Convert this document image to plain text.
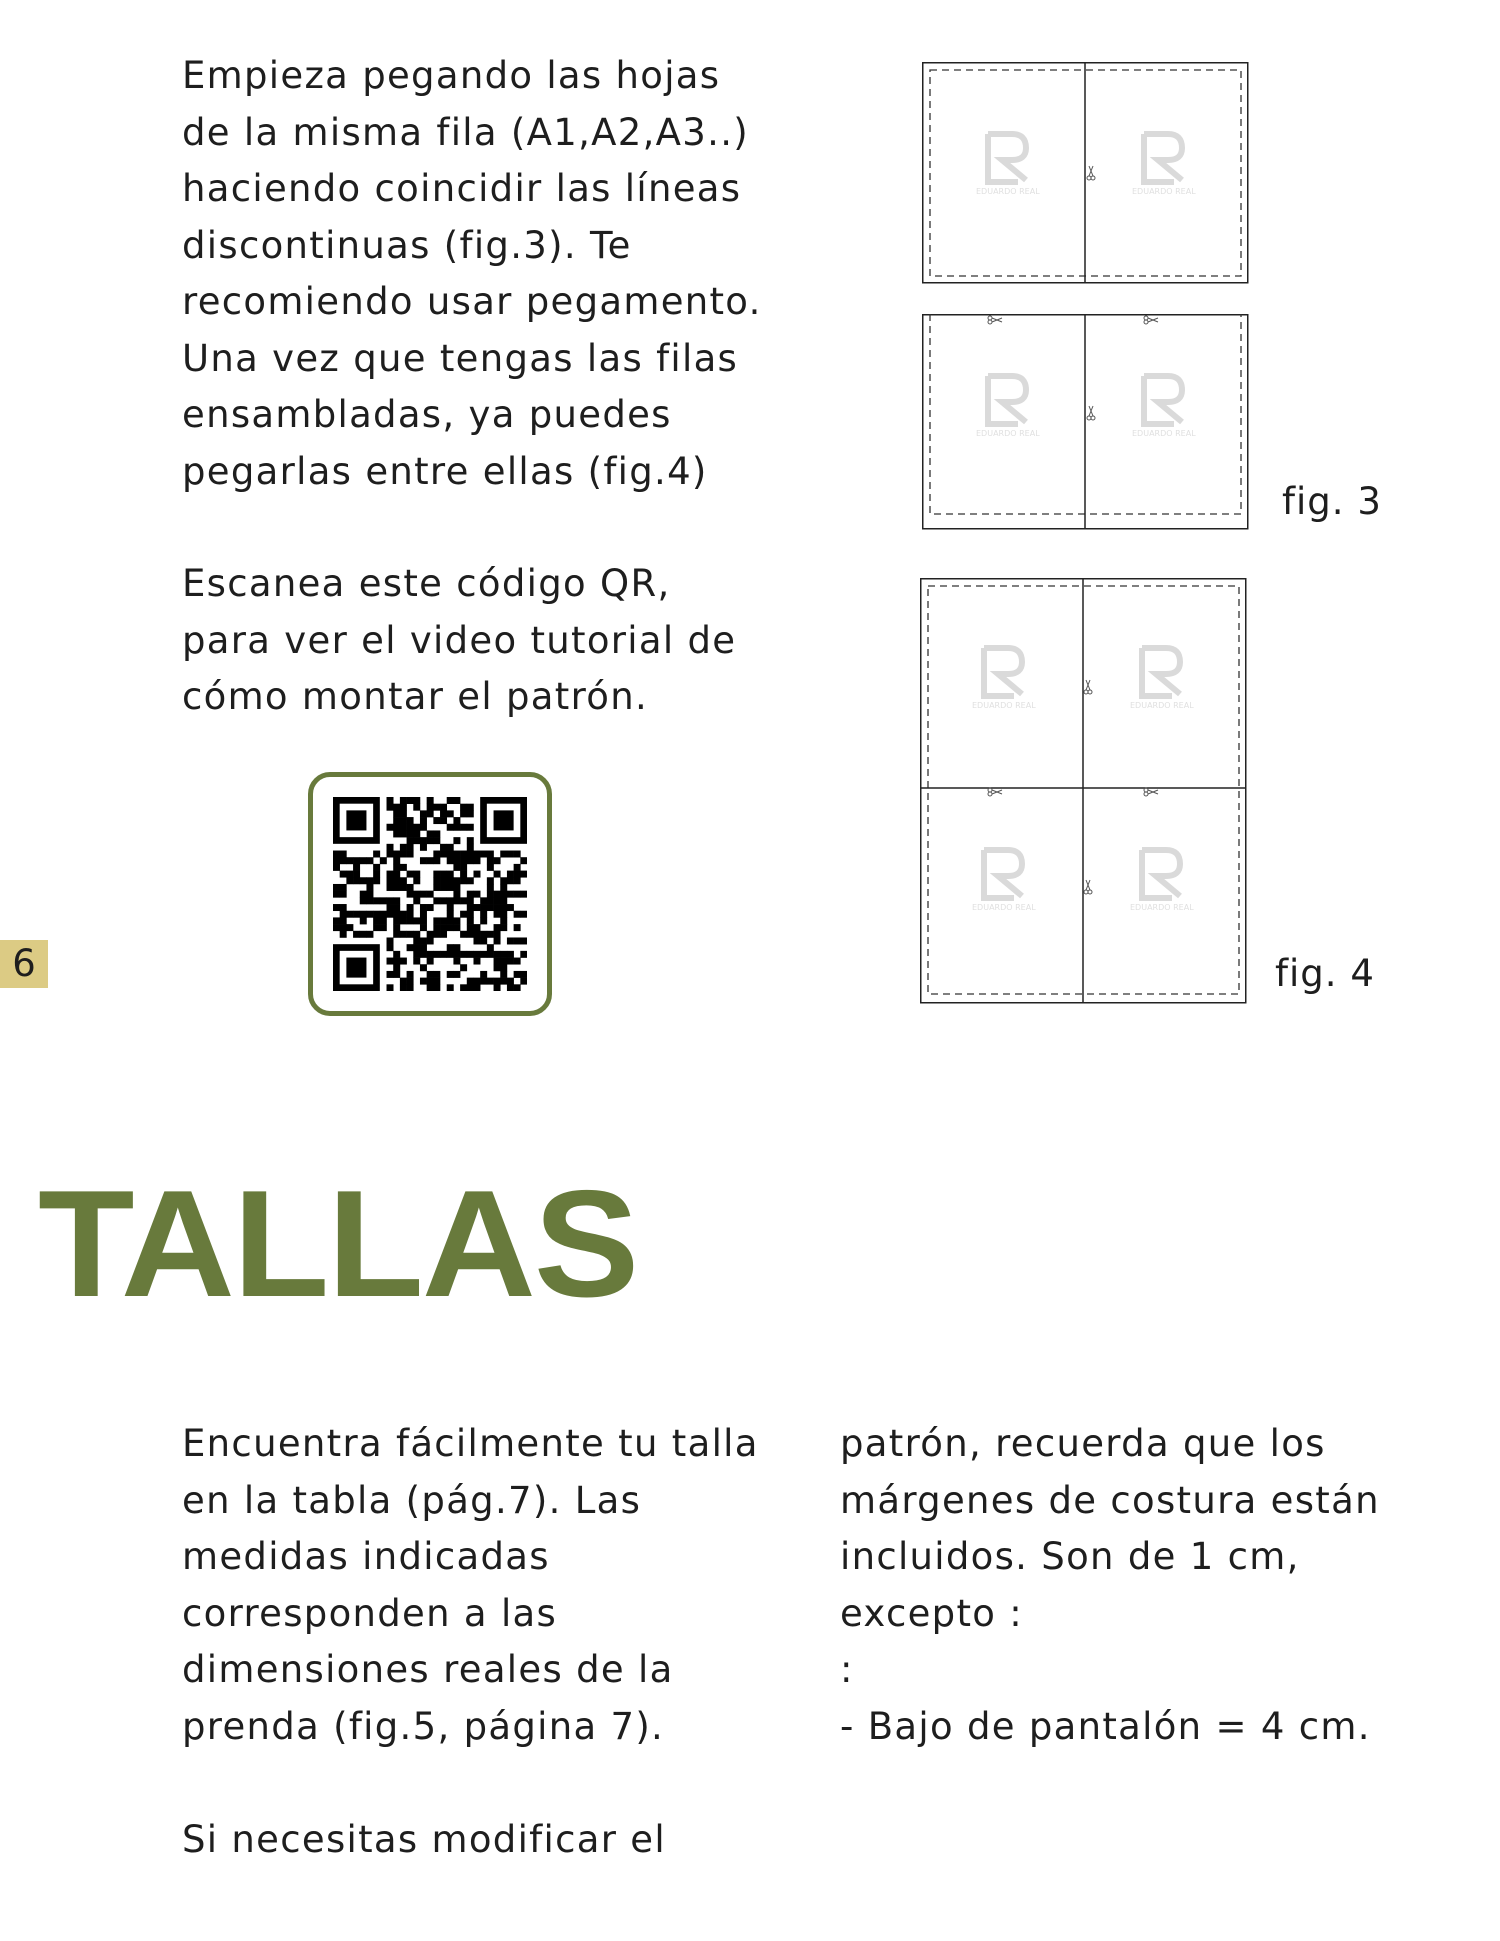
Empieza pegando las hojas
de la misma fila (A1,A2,A3..)
haciendo coincidir las líneas
discontinuas (fig.3). Te
recomiendo usar pegamento.
Una vez que tengas las filas
ensambladas, ya puedes
pegarlas entre ellas (fig.4)
Escanea este código QR,
para ver el video tutorial de
cómo montar el patrón.
6
EDUARDO REAL	EDUARDO REAL
EDUARDO REAL	EDUARDO REAL
fig. 3
EDUARDO REAL	EDUARDO REAL
EDUARDO REAL	EDUARDO REAL
fig. 4
TALLAS
Encuentra fácilmente tu talla
en la tabla (pág.7). Las
medidas indicadas
corresponden a las
dimensiones reales de la
prenda (fig.5, página 7).
Si necesitas modificar el
patrón, recuerda que los
márgenes de costura están
incluidos. Son de 1 cm,
excepto :
:
- Bajo de pantalón = 4 cm.
